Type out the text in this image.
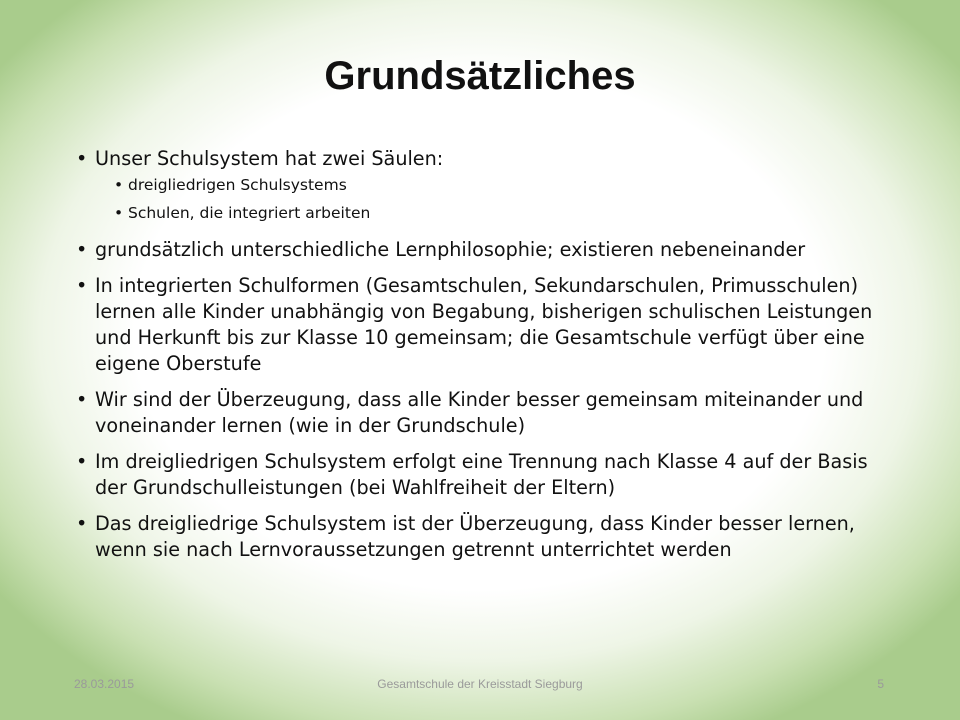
Grundsätzliches
• Unser Schulsystem hat zwei Säulen:
• dreigliedrigen Schulsystems
• Schulen, die integriert arbeiten
• grundsätzlich unterschiedliche Lernphilosophie; existieren nebeneinander
• In integrierten Schulformen (Gesamtschulen, Sekundarschulen, Primusschulen) lernen alle Kinder unabhängig von Begabung, bisherigen schulischen Leistungen und Herkunft bis zur Klasse 10 gemeinsam; die Gesamtschule verfügt über eine eigene Oberstufe
• Wir sind der Überzeugung, dass alle Kinder besser gemeinsam miteinander und voneinander lernen (wie in der Grundschule)
• Im dreigliedrigen Schulsystem erfolgt eine Trennung nach Klasse 4 auf der Basis der Grundschulleistungen (bei Wahlfreiheit der Eltern)
• Das dreigliedrige Schulsystem ist der Überzeugung, dass Kinder besser lernen, wenn sie nach Lernvoraussetzungen getrennt unterrichtet werden
28.03.2015	Gesamtschule der Kreisstadt Siegburg	5
